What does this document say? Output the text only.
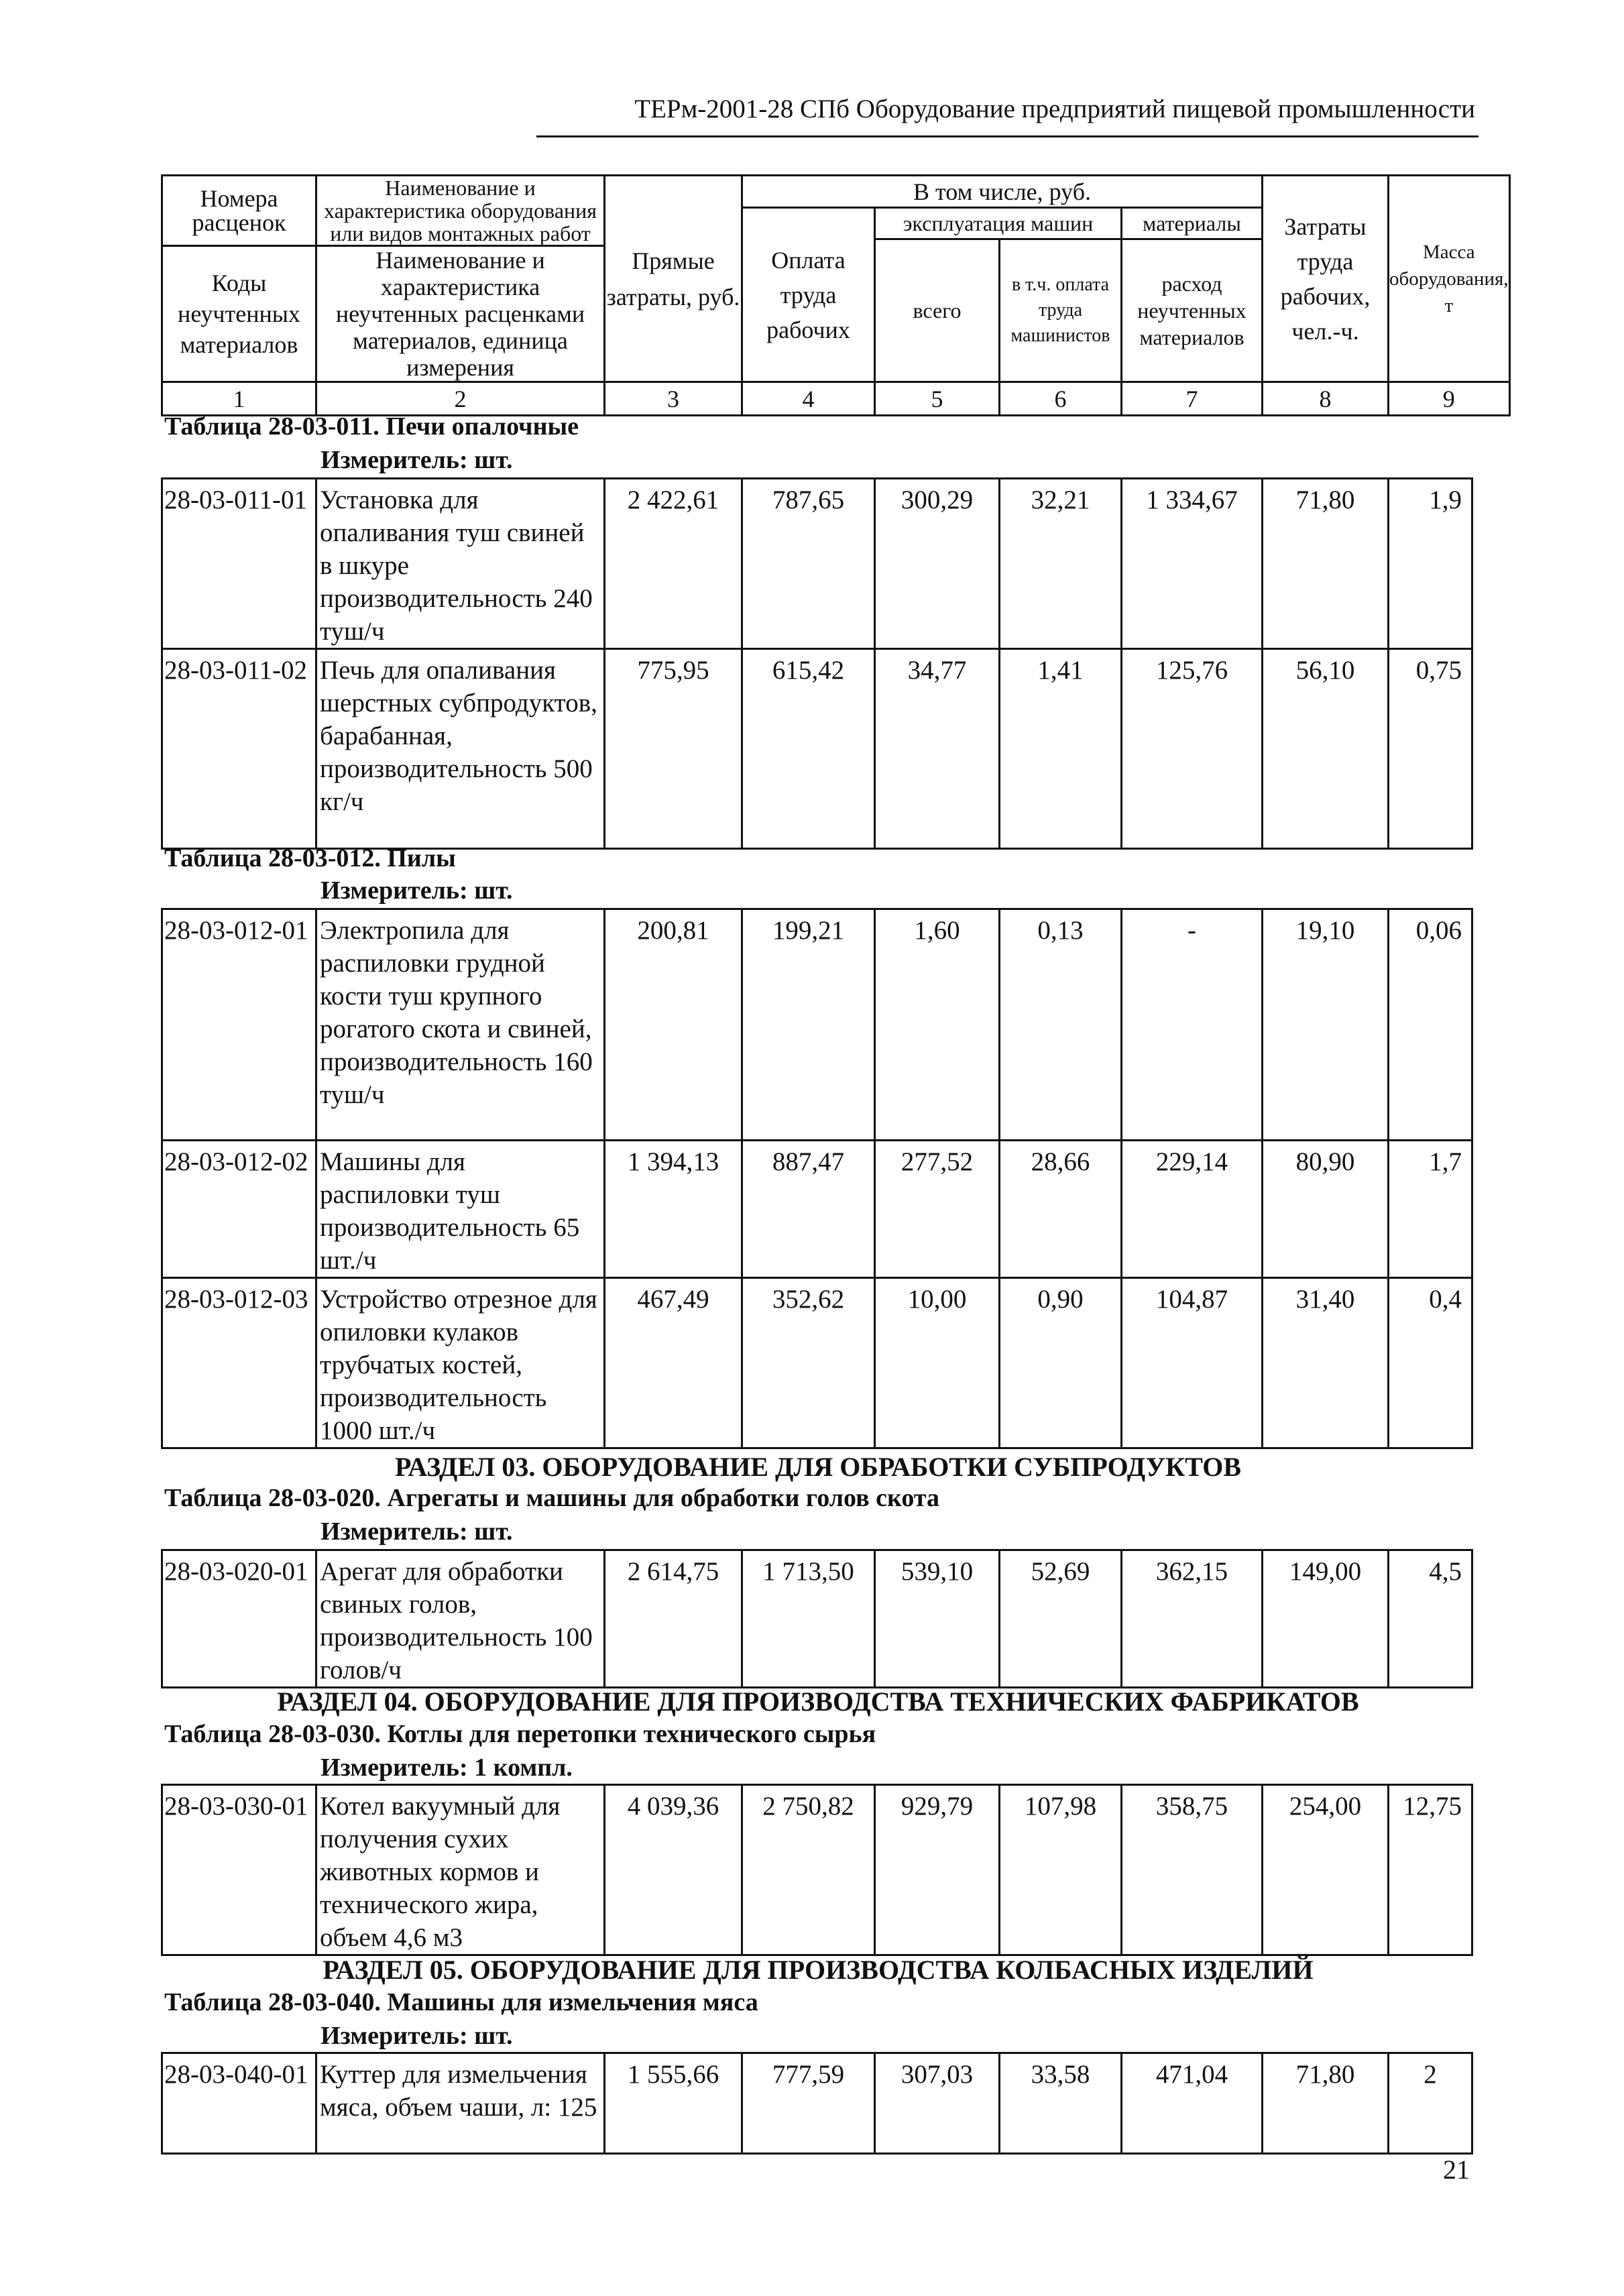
ТЕРм-2001-28 СПб Оборудование предприятий пищевой промышленности
Номера расценок	Наименование и характеристика оборудования или видов монтажных работ	Прямые затраты, руб.	В том числе, руб.				Затраты труда рабочих, чел.-ч.	Масса оборудования, т
			Оплата труда рабочих	эксплуатация машин		материалы		
				всего	в т.ч. оплата труда машинистов	расход неучтенных материалов		
Коды неучтенных материалов	Наименование и характеристика неучтенных расценками материалов, единица измерения							

1	2	3	4	5	6	7	8	9
Таблица 28-03-011. Печи опалочные
Измеритель: шт.
28-03-011-01	Установка для опаливания туш свиней в шкуре производительность 240 туш/ч	2 422,61	787,65	300,29	32,21	1 334,67	71,80	1,9
28-03-011-02	Печь для опаливания шерстных субпродуктов, барабанная, производительность 500 кг/ч	775,95	615,42	34,77	1,41	125,76	56,10	0,75
Таблица 28-03-012. Пилы
Измеритель: шт.
28-03-012-01	Электропила для распиловки грудной кости туш крупного рогатого скота и свиней, производительность 160 туш/ч	200,81	199,21	1,60	0,13	-	19,10	0,06
28-03-012-02	Машины для распиловки туш производительность 65 шт./ч	1 394,13	887,47	277,52	28,66	229,14	80,90	1,7
28-03-012-03	Устройство отрезное для опиловки кулаков трубчатых костей, производительность 1000 шт./ч	467,49	352,62	10,00	0,90	104,87	31,40	0,4
РАЗДЕЛ 03. ОБОРУДОВАНИЕ ДЛЯ ОБРАБОТКИ СУБПРОДУКТОВ
Таблица 28-03-020. Агрегаты и машины для обработки голов скота
Измеритель: шт.
28-03-020-01	Арегат для обработки свиных голов, производительность 100 голов/ч	2 614,75	1 713,50	539,10	52,69	362,15	149,00	4,5
РАЗДЕЛ 04. ОБОРУДОВАНИЕ ДЛЯ ПРОИЗВОДСТВА ТЕХНИЧЕСКИХ ФАБРИКАТОВ
Таблица 28-03-030. Котлы для перетопки технического сырья
Измеритель: 1 компл.
28-03-030-01	Котел вакуумный для получения сухих животных кормов и технического жира, объем 4,6 м3	4 039,36	2 750,82	929,79	107,98	358,75	254,00	12,75
РАЗДЕЛ 05. ОБОРУДОВАНИЕ ДЛЯ ПРОИЗВОДСТВА КОЛБАСНЫХ ИЗДЕЛИЙ
Таблица 28-03-040. Машины для измельчения мяса
Измеритель: шт.
28-03-040-01	Куттер для измельчения мяса, объем чаши, л: 125	1 555,66	777,59	307,03	33,58	471,04	71,80	2
21
